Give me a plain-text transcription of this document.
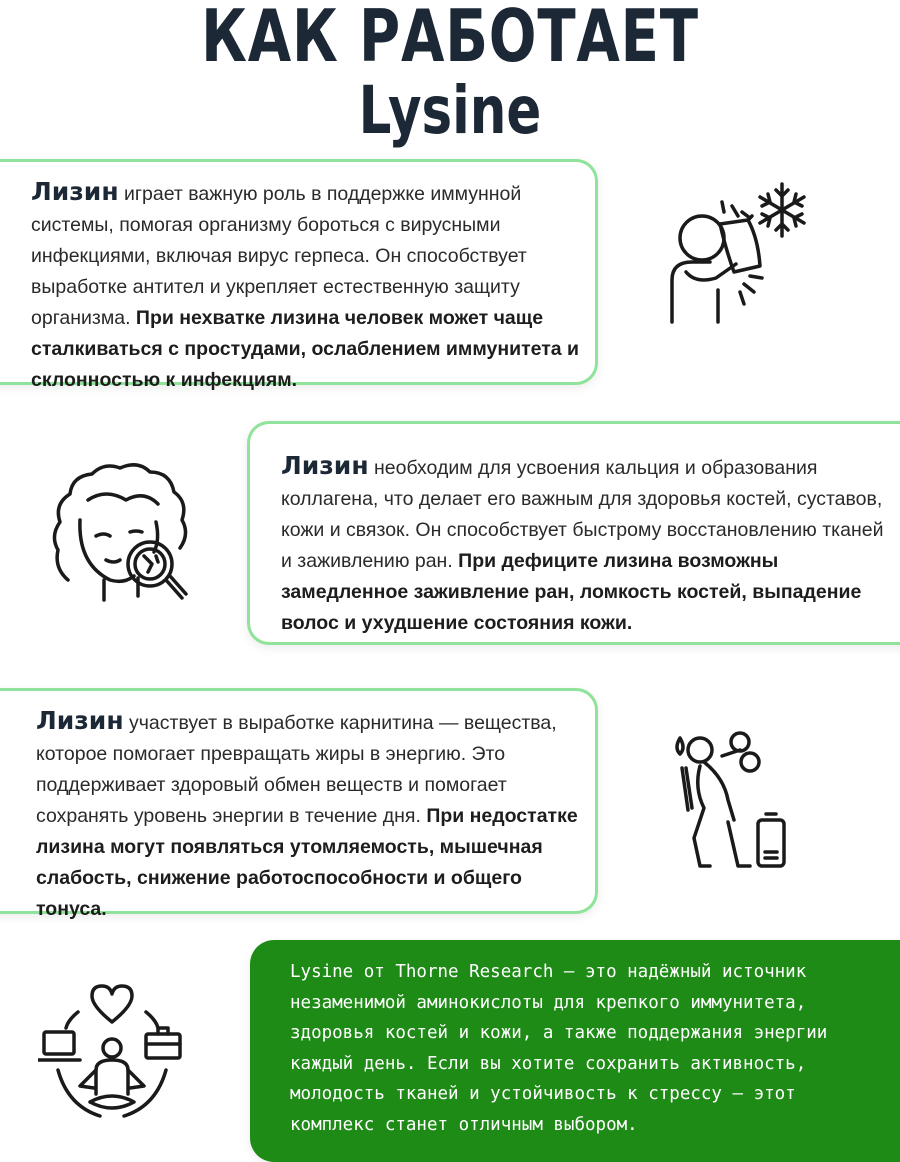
КАК РАБОТАЕТ
Lysine
Лизин играет важную роль в поддержке иммунной системы, помогая организму бороться с вирусными инфекциями, включая вирус герпеса. Он способствует выработке антител и укрепляет естественную защиту организма. При нехватке лизина человек может чаще сталкиваться с простудами, ослаблением иммунитета и склонностью к инфекциям.
Лизин необходим для усвоения кальция и образования коллагена, что делает его важным для здоровья костей, суставов, кожи и связок. Он способствует быстрому восстановлению тканей и заживлению ран. При дефиците лизина возможны замедленное заживление ран, ломкость костей, выпадение волос и ухудшение состояния кожи.
Лизин участвует в выработке карнитина — вещества, которое помогает превращать жиры в энергию. Это поддерживает здоровый обмен веществ и помогает сохранять уровень энергии в течение дня. При недостатке лизина могут появляться утомляемость, мышечная слабость, снижение работоспособности и общего тонуса.
Lysine от Thorne Research — это надёжный источник незаменимой аминокислоты для крепкого иммунитета, здоровья костей и кожи, а также поддержания энергии каждый день. Если вы хотите сохранить активность, молодость тканей и устойчивость к стрессу — этот комплекс станет отличным выбором.
